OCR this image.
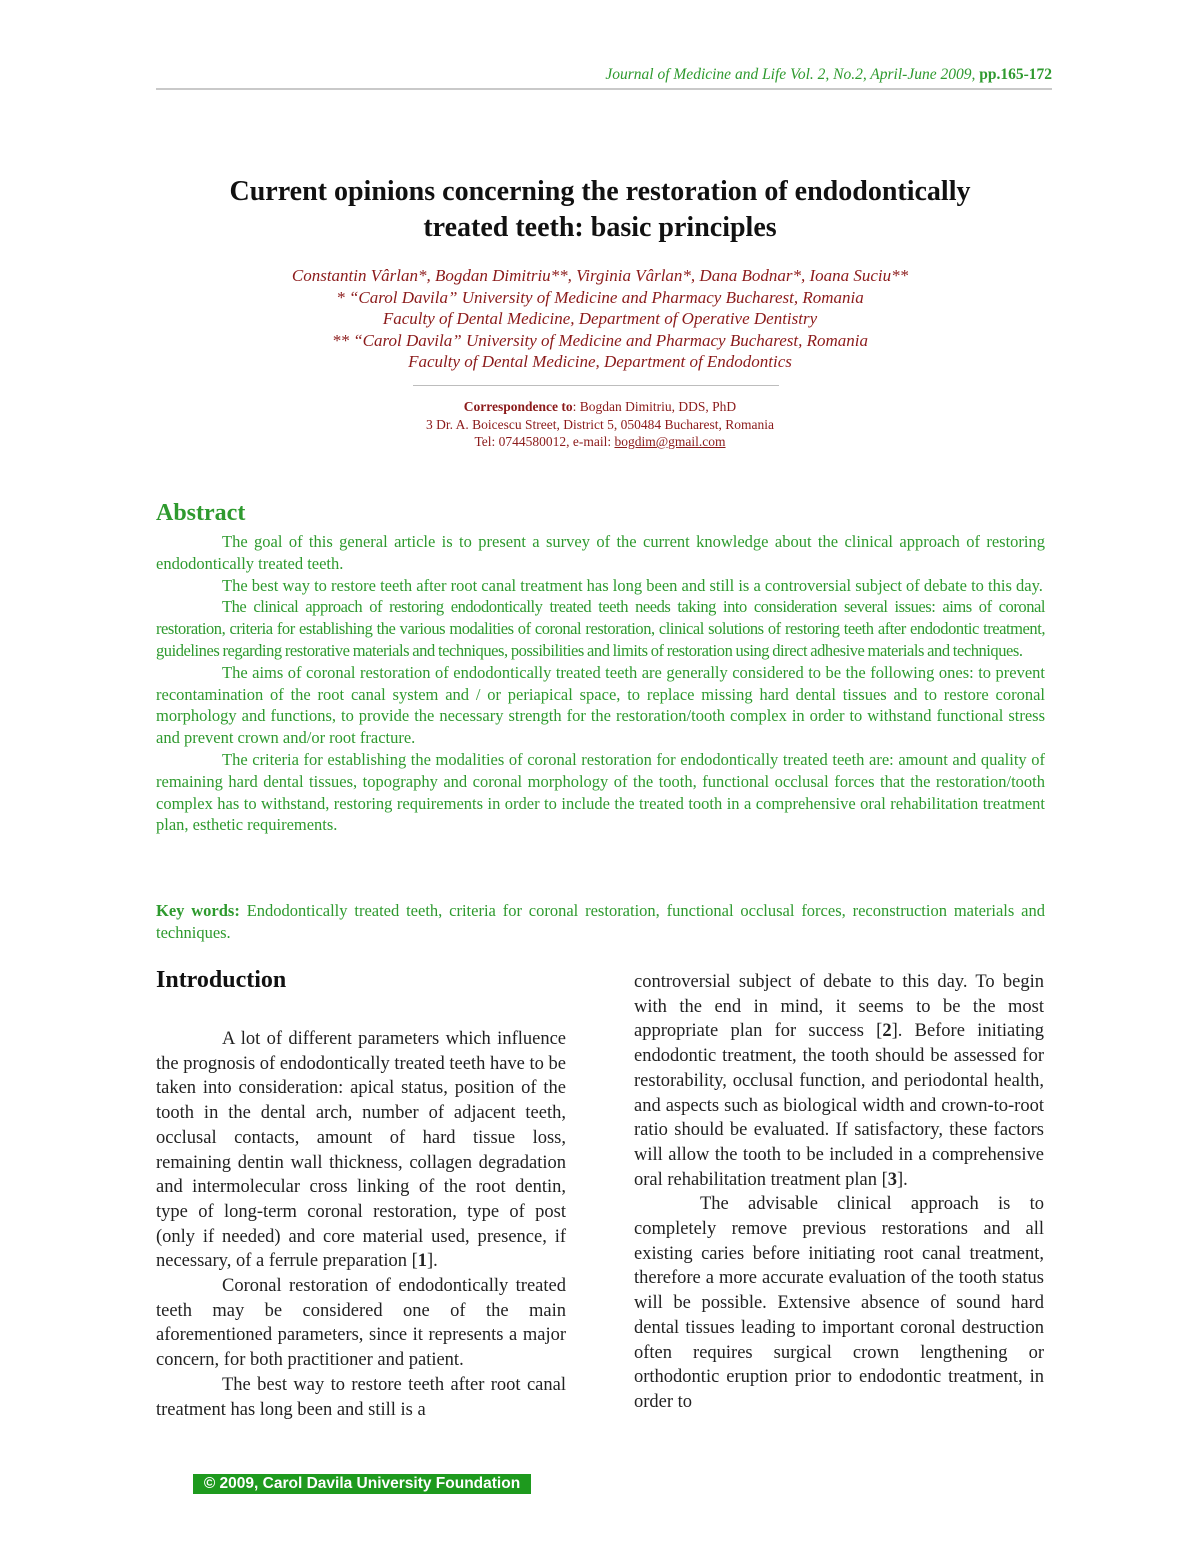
Journal of Medicine and Life Vol. 2, No.2, April-June 2009, pp.165-172
Current opinions concerning the restoration of endodontically
treated teeth: basic principles
Constantin Vârlan*, Bogdan Dimitriu**, Virginia Vârlan*, Dana Bodnar*, Ioana Suciu**
* “Carol Davila” University of Medicine and Pharmacy Bucharest, Romania
Faculty of Dental Medicine, Department of Operative Dentistry
** “Carol Davila” University of Medicine and Pharmacy Bucharest, Romania
Faculty of Dental Medicine, Department of Endodontics
Correspondence to: Bogdan Dimitriu, DDS, PhD
3 Dr. A. Boicescu Street, District 5, 050484 Bucharest, Romania
Tel: 0744580012, e-mail: bogdim@gmail.com
Abstract

The goal of this general article is to present a survey of the current knowledge about the clinical approach of restoring endodontically treated teeth.

The best way to restore teeth after root canal treatment has long been and still is a controversial subject of debate to this day.

The clinical approach of restoring endodontically treated teeth needs taking into consideration several issues: aims of coronal restoration, criteria for establishing the various modalities of coronal restoration, clinical solutions of restoring teeth after endodontic treatment, guidelines regarding restorative materials and techniques, possibilities and limits of restoration using direct adhesive materials and techniques.

The aims of coronal restoration of endodontically treated teeth are generally considered to be the following ones: to prevent recontamination of the root canal system and / or periapical space, to replace missing hard dental tissues and to restore coronal morphology and functions, to provide the necessary strength for the restoration/tooth complex in order to withstand functional stress and prevent crown and/or root fracture.

The criteria for establishing the modalities of coronal restoration for endodontically treated teeth are: amount and quality of remaining hard dental tissues, topography and coronal morphology of the tooth, functional occlusal forces that the restoration/tooth complex has to withstand, restoring requirements in order to include the treated tooth in a comprehensive oral rehabilitation treatment plan, esthetic requirements.

Key words: Endodontically treated teeth, criteria for coronal restoration, functional occlusal forces, reconstruction materials and techniques.

Introduction

A lot of different parameters which influence the prognosis of endodontically treated teeth have to be taken into consideration: apical status, position of the tooth in the dental arch, number of adjacent teeth, occlusal contacts, amount of hard tissue loss, remaining dentin wall thickness, collagen degradation and intermolecular cross linking of the root dentin, type of long-term coronal restoration, type of post (only if needed) and core material used, presence, if necessary, of a ferrule preparation [1].

Coronal restoration of endodontically treated teeth may be considered one of the main aforementioned parameters, since it represents a major concern, for both practitioner and patient.

The best way to restore teeth after root canal treatment has long been and still is a

controversial subject of debate to this day. To begin with the end in mind, it seems to be the most appropriate plan for success [2]. Before initiating endodontic treatment, the tooth should be assessed for restorability, occlusal function, and periodontal health, and aspects such as biological width and crown-to-root ratio should be evaluated. If satisfactory, these factors will allow the tooth to be included in a comprehensive oral rehabilitation treatment plan [3].

The advisable clinical approach is to completely remove previous restorations and all existing caries before initiating root canal treatment, therefore a more accurate evaluation of the tooth status will be possible. Extensive absence of sound hard dental tissues leading to important coronal destruction often requires surgical crown lengthening or orthodontic eruption prior to endodontic treatment, in order to

© 2009, Carol Davila University Foundation
